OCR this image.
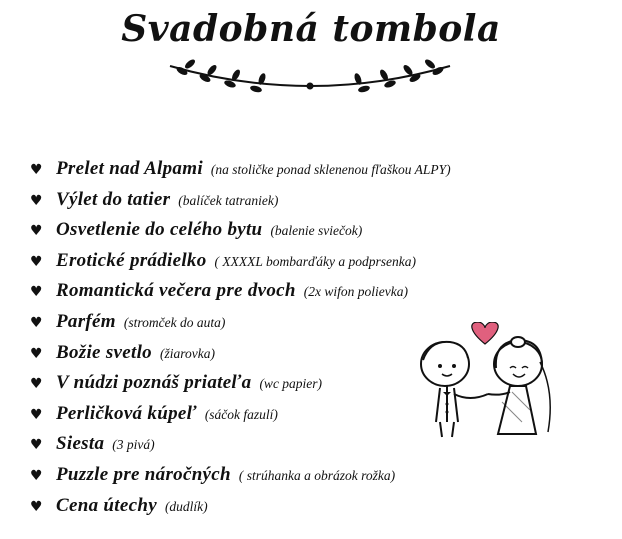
Svadobná tombola
♥ Prelet nad Alpami (na stoličke ponad sklenenou fľaškou ALPY)
♥ Výlet do tatier (balíček tatraniek)
♥ Osvetlenie do celého bytu (balenie sviečok)
♥ Erotické prádielko ( XXXXL bombarďáky a podprsenka)
♥ Romantická večera pre dvoch (2x wifon polievka)
♥ Parfém (stromček do auta)
♥ Božie svetlo (žiarovka)
♥ V núdzi poznáš priateľa (wc papier)
♥ Perličková kúpeľ (sáčok fazulí)
♥ Siesta (3 pivá)
♥ Puzzle pre náročných ( strúhanka a obrázok rožka)
♥ Cena útechy (dudlík)
